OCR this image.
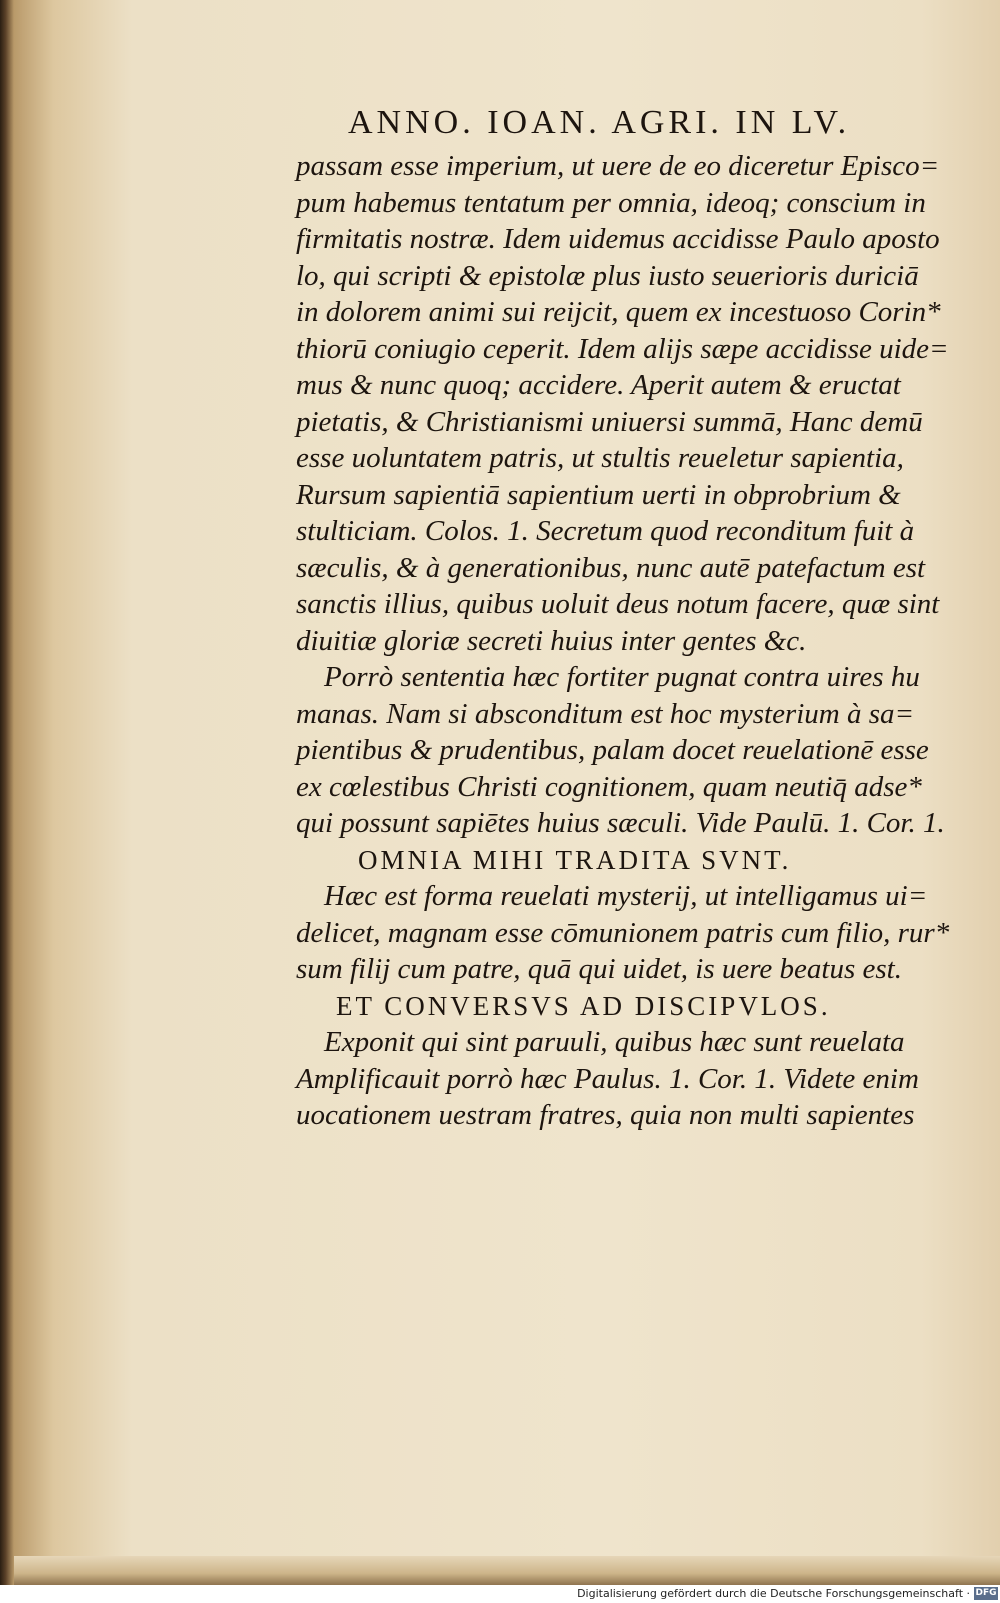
ANNO. IOAN. AGRI. IN LV.
passam esse imperium, ut uere de eo diceretur Episco=
pum habemus tentatum per omnia, ideoq; conscium in
firmitatis nostræ. Idem uidemus accidisse Paulo aposto
lo, qui scripti & epistolæ plus iusto seuerioris duriciā
in dolorem animi sui reijcit, quem ex incestuoso Corin*
thiorū coniugio ceperit. Idem alijs sæpe accidisse uide=
mus & nunc quoq; accidere. Aperit autem & eructat
pietatis, & Christianismi uniuersi summā, Hanc demū
esse uoluntatem patris, ut stultis reueletur sapientia,
Rursum sapientiā sapientium uerti in obprobrium &
stulticiam. Colos. 1. Secretum quod reconditum fuit à
sæculis, & à generationibus, nunc autē patefactum est
sanctis illius, quibus uoluit deus notum facere, quæ sint
diuitiæ gloriæ secreti huius inter gentes &c.
Porrò sententia hæc fortiter pugnat contra uires hu
manas. Nam si absconditum est hoc mysterium à sa=
pientibus & prudentibus, palam docet reuelationē esse
ex cœlestibus Christi cognitionem, quam neutiq̄ adse*
qui possunt sapiētes huius sæculi. Vide Paulū. 1. Cor. 1.
OMNIA MIHI TRADITA SVNT.
Hæc est forma reuelati mysterij, ut intelligamus ui=
delicet, magnam esse cōmunionem patris cum filio, rur*
sum filij cum patre, quā qui uidet, is uere beatus est.
ET CONVERSVS AD DISCIPVLOS.
Exponit qui sint paruuli, quibus hæc sunt reuelata
Amplificauit porrò hæc Paulus. 1. Cor. 1. Videte enim
uocationem uestram fratres, quia non multi sapientes
Digitalisierung gefördert durch die Deutsche Forschungsgemeinschaft · DFG
